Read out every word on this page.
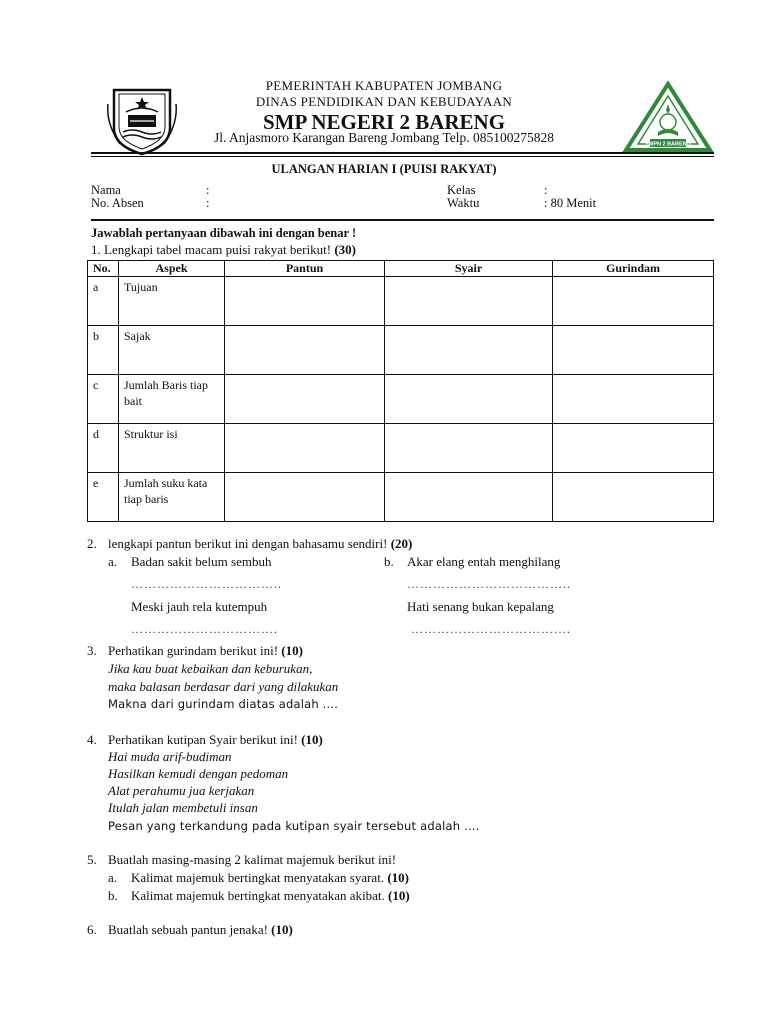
PEMERINTAH KABUPATEN JOMBANG
DINAS PENDIDIKAN DAN KEBUDAYAAN
SMP NEGERI 2 BARENG
Jl. Anjasmoro Karangan Bareng Jombang Telp. 085100275828	SMPN 2 BARENG
ULANGAN HARIAN I (PUISI RAKYAT)
Nama	:
No. Absen	:
Kelas	:
Waktu	: 80 Menit
Jawablah pertanyaan dibawah ini dengan benar !
1. Lengkapi tabel macam puisi rakyat berikut! (30)
No.	Aspek	Pantun	Syair	Gurindam
a	Tujuan			
b	Sajak			
c	Jumlah Baris tiap bait			
d	Struktur isi			
e	Jumlah suku kata tiap baris			
2. lengkapi pantun berikut ini dengan bahasamu sendiri! (20)
a. Badan sakit belum sembuh	b. Akar elang entah menghilang
……………………………..	………………………………..
Meski jauh rela kutempuh	Hati senang bukan kepalang
…………………………….	……………………………….
3. Perhatikan gurindam berikut ini! (10)
Jika kau buat kebaikan dan keburukan,
maka balasan berdasar dari yang dilakukan
Makna dari gurindam diatas adalah ....
4. Perhatikan kutipan Syair berikut ini! (10)
Hai muda arif-budiman
Hasilkan kemudi dengan pedoman
Alat perahumu jua kerjakan
Itulah jalan membetuli insan
Pesan yang terkandung pada kutipan syair tersebut adalah ....
5. Buatlah masing-masing 2 kalimat majemuk berikut ini!
a. Kalimat majemuk bertingkat menyatakan syarat. (10)
b. Kalimat majemuk bertingkat menyatakan akibat. (10)
6. Buatlah sebuah pantun jenaka! (10)
